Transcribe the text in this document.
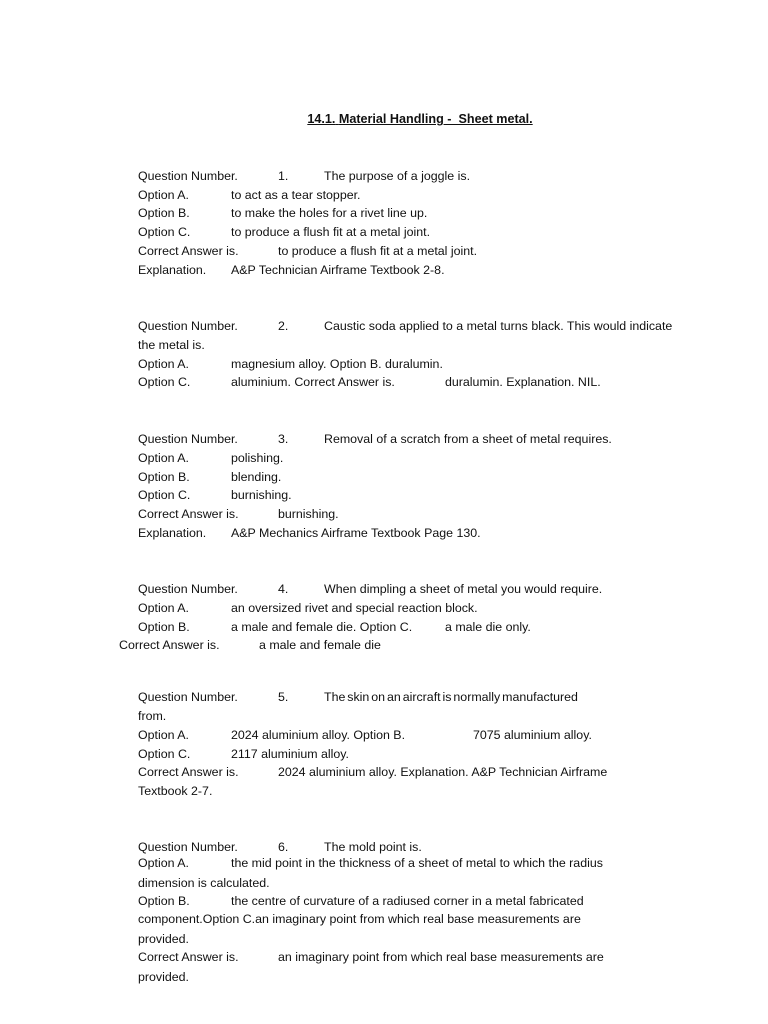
14.1. Material Handling -  Sheet metal.
Question Number.	1.	The purpose of a joggle is.
Option A.	to act as a tear stopper.
Option B.	to make the holes for a rivet line up.
Option C.	to produce a flush fit at a metal joint.
Correct Answer is.	to produce a flush fit at a metal joint.
Explanation. A&P Technician Airframe Textbook 2-8.
Question Number.	2.	Caustic soda applied to a metal turns black. This would indicate
the metal is.
Option A.	magnesium alloy. Option B. duralumin.
Option C.	aluminium. Correct Answer is.	duralumin. Explanation. NIL.
Question Number.	3.	Removal of a scratch from a sheet of metal requires.
Option A.	polishing.
Option B.	blending.
Option C.	burnishing.
Correct Answer is.	burnishing.
Explanation. A&P Mechanics Airframe Textbook Page 130.
Question Number.	4.	When dimpling a sheet of metal you would require.
Option A.	an oversized rivet and special reaction block.
Option B.	a male and female die. Option C.	a male die only.
Correct Answer is.	a male and female die
Question Number.	5.	The skin on an aircraft is normally manufactured
from.
Option A.	2024 aluminium alloy. Option B.	7075 aluminium alloy.
Option C.	2117 aluminium alloy.
Correct Answer is.	2024 aluminium alloy. Explanation. A&P Technician Airframe
Textbook 2-7.
Question Number.	6.	The mold point is.
Option A.	the mid point in the thickness of a sheet of metal to which the radius
dimension is calculated.
Option B.	the centre of curvature of a radiused corner in a metal fabricated
component.Option C.an imaginary point from which real base measurements are
provided.
Correct Answer is.	an imaginary point from which real base measurements are
provided.
